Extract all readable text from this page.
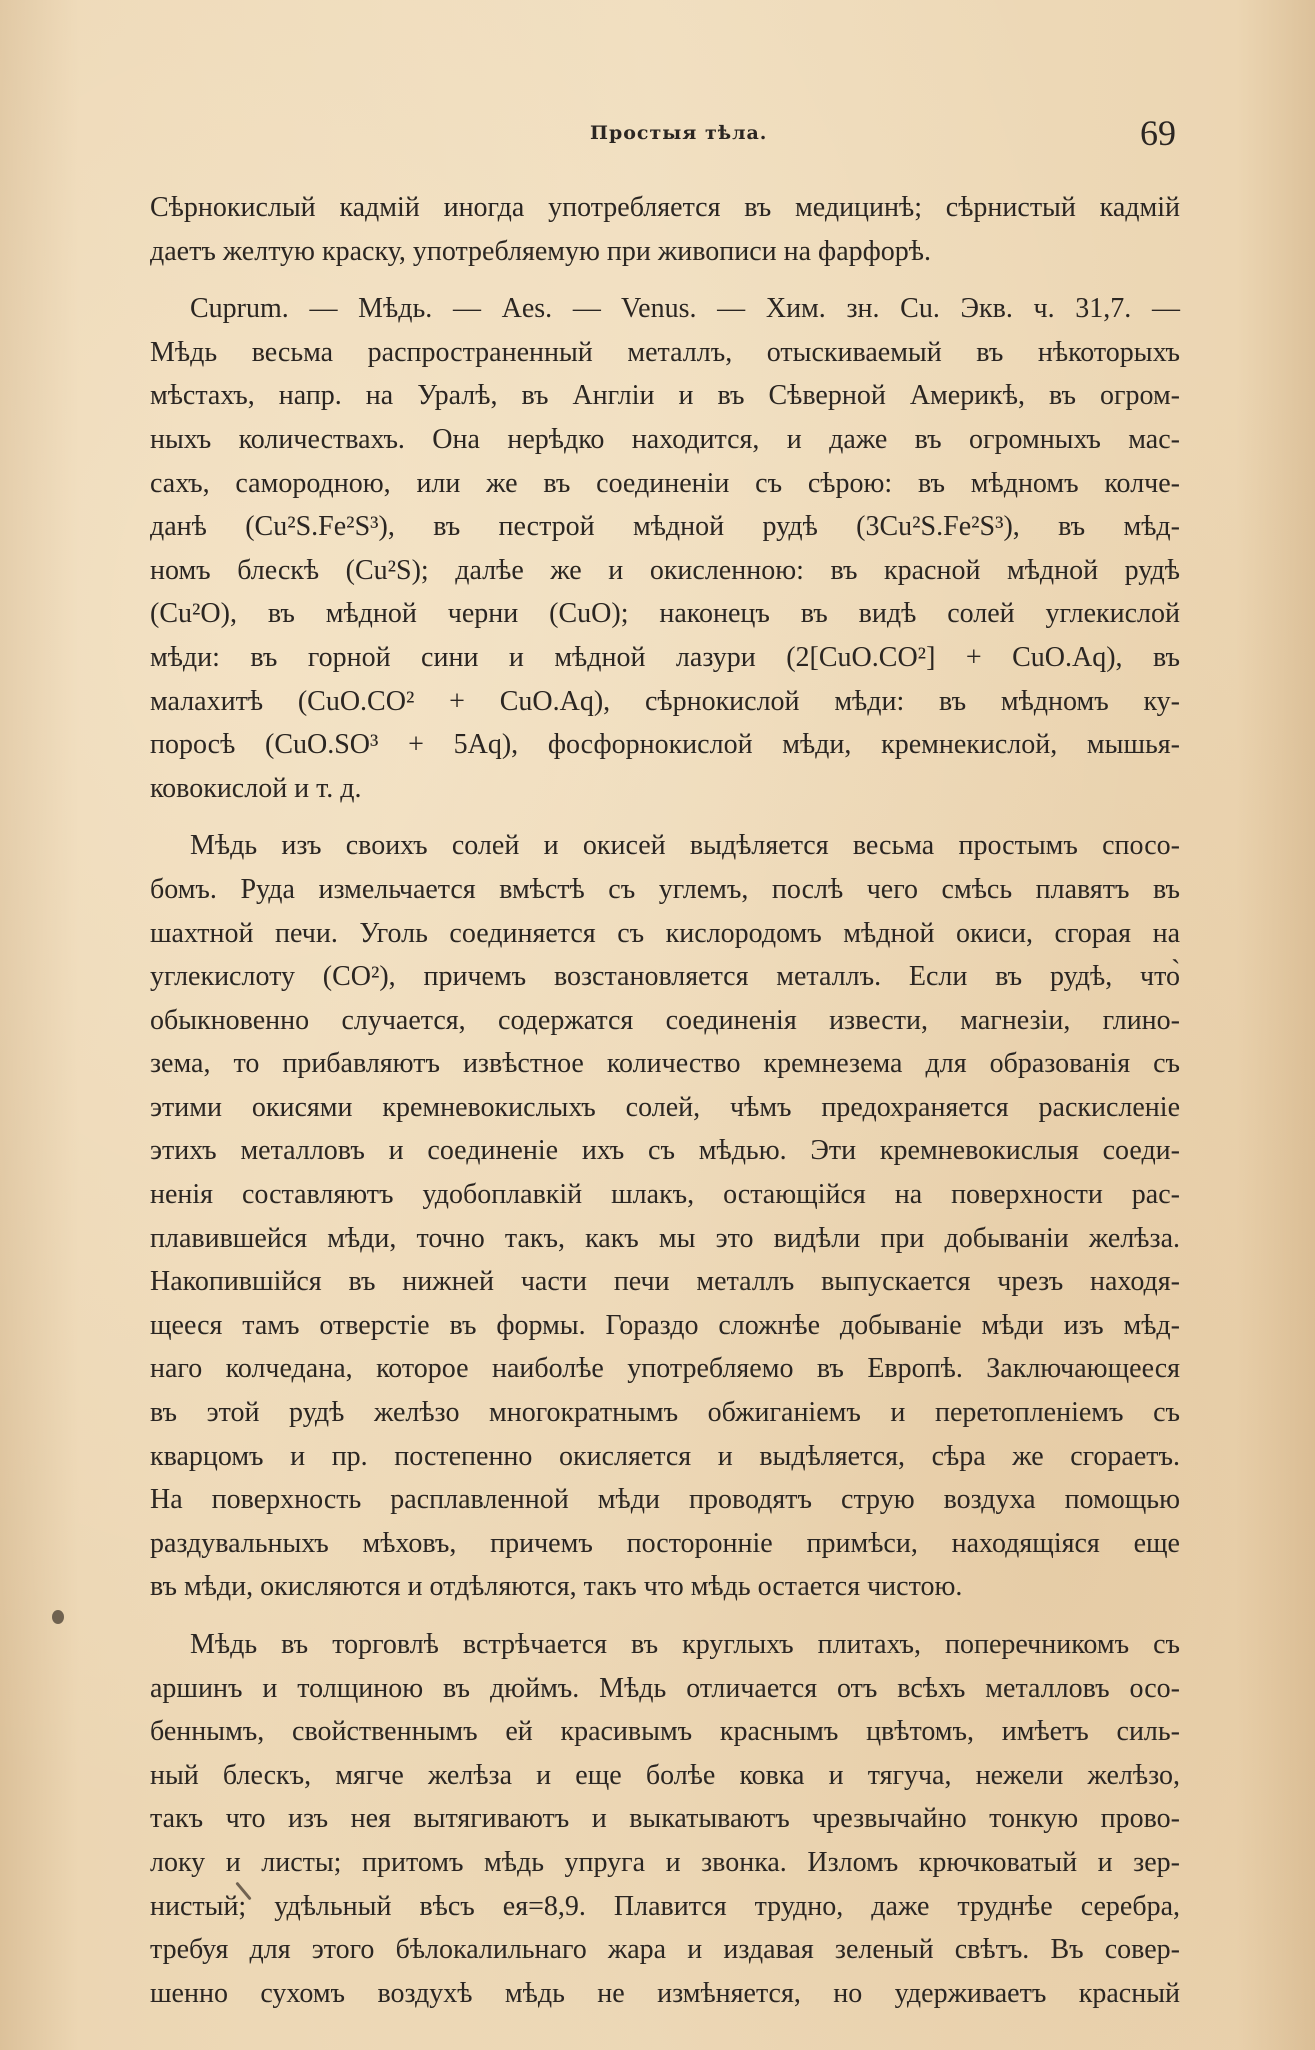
Простыя тѣла.	69
Сѣрнокислый кадмій иногда употребляется въ медицинѣ; сѣрнистый кадмій
даетъ желтую краску, употребляемую при живописи на фарфорѣ.
Cuprum. — Мѣдь. — Aes. — Venus. — Хим. зн. Cu. Экв. ч. 31,7. —
Мѣдь весьма распространенный металлъ, отыскиваемый въ нѣкоторыхъ
мѣстахъ, напр. на Уралѣ, въ Англіи и въ Сѣверной Америкѣ, въ огром-
ныхъ количествахъ. Она нерѣдко находится, и даже въ огромныхъ мас-
сахъ, самородною, или же въ соединеніи съ сѣрою: въ мѣдномъ колче-
данѣ (Cu²S.Fe²S³), въ пестрой мѣдной рудѣ (3Cu²S.Fe²S³), въ мѣд-
номъ блескѣ (Cu²S); далѣе же и окисленною: въ красной мѣдной рудѣ
(Cu²O), въ мѣдной черни (CuO); наконецъ въ видѣ солей углекислой
мѣди: въ горной сини и мѣдной лазури (2[CuO.CO²] + CuO.Aq), въ
малахитѣ (CuO.CO² + CuO.Aq), сѣрнокислой мѣди: въ мѣдномъ ку-
поросѣ (CuO.SO³ + 5Aq), фосфорнокислой мѣди, кремнекислой, мышья-
ковокислой и т. д.
Мѣдь изъ своихъ солей и окисей выдѣляется весьма простымъ спосо-
бомъ. Руда измельчается вмѣстѣ съ углемъ, послѣ чего смѣсь плавятъ въ
шахтной печи. Уголь соединяется съ кислородомъ мѣдной окиси, сгорая на
углекислоту (CO²), причемъ возстановляется металлъ. Если въ рудѣ, что̀
обыкновенно случается, содержатся соединенія извести, магнезіи, глино-
зема, то прибавляютъ извѣстное количество кремнезема для образованія съ
этими окисями кремневокислыхъ солей, чѣмъ предохраняется раскисленіе
этихъ металловъ и соединеніе ихъ съ мѣдью. Эти кремневокислыя соеди-
ненія составляютъ удобоплавкій шлакъ, остающійся на поверхности рас-
плавившейся мѣди, точно такъ, какъ мы это видѣли при добываніи желѣза.
Накопившійся въ нижней части печи металлъ выпускается чрезъ находя-
щееся тамъ отверстіе въ формы. Гораздо сложнѣе добываніе мѣди изъ мѣд-
наго колчедана, которое наиболѣе употребляемо въ Европѣ. Заключающееся
въ этой рудѣ желѣзо многократнымъ обжиганіемъ и перетопленіемъ съ
кварцомъ и пр. постепенно окисляется и выдѣляется, сѣра же сгораетъ.
На поверхность расплавленной мѣди проводятъ струю воздуха помощью
раздувальныхъ мѣховъ, причемъ посторонніе примѣси, находящіяся еще
въ мѣди, окисляются и отдѣляются, такъ что мѣдь остается чистою.
Мѣдь въ торговлѣ встрѣчается въ круглыхъ плитахъ, поперечникомъ съ
аршинъ и толщиною въ дюймъ. Мѣдь отличается отъ всѣхъ металловъ осо-
беннымъ, свойственнымъ ей красивымъ краснымъ цвѣтомъ, имѣетъ силь-
ный блескъ, мягче желѣза и еще болѣе ковка и тягуча, нежели желѣзо,
такъ что изъ нея вытягиваютъ и выкатываютъ чрезвычайно тонкую прово-
локу и листы; притомъ мѣдь упруга и звонка. Изломъ крючковатый и зер-
нистый; удѣльный вѣсъ ея=8,9. Плавится трудно, даже труднѣе серебра,
требуя для этого бѣлокалильнаго жара и издавая зеленый свѣтъ. Въ совер-
шенно сухомъ воздухѣ мѣдь не измѣняется, но удерживаетъ красный
